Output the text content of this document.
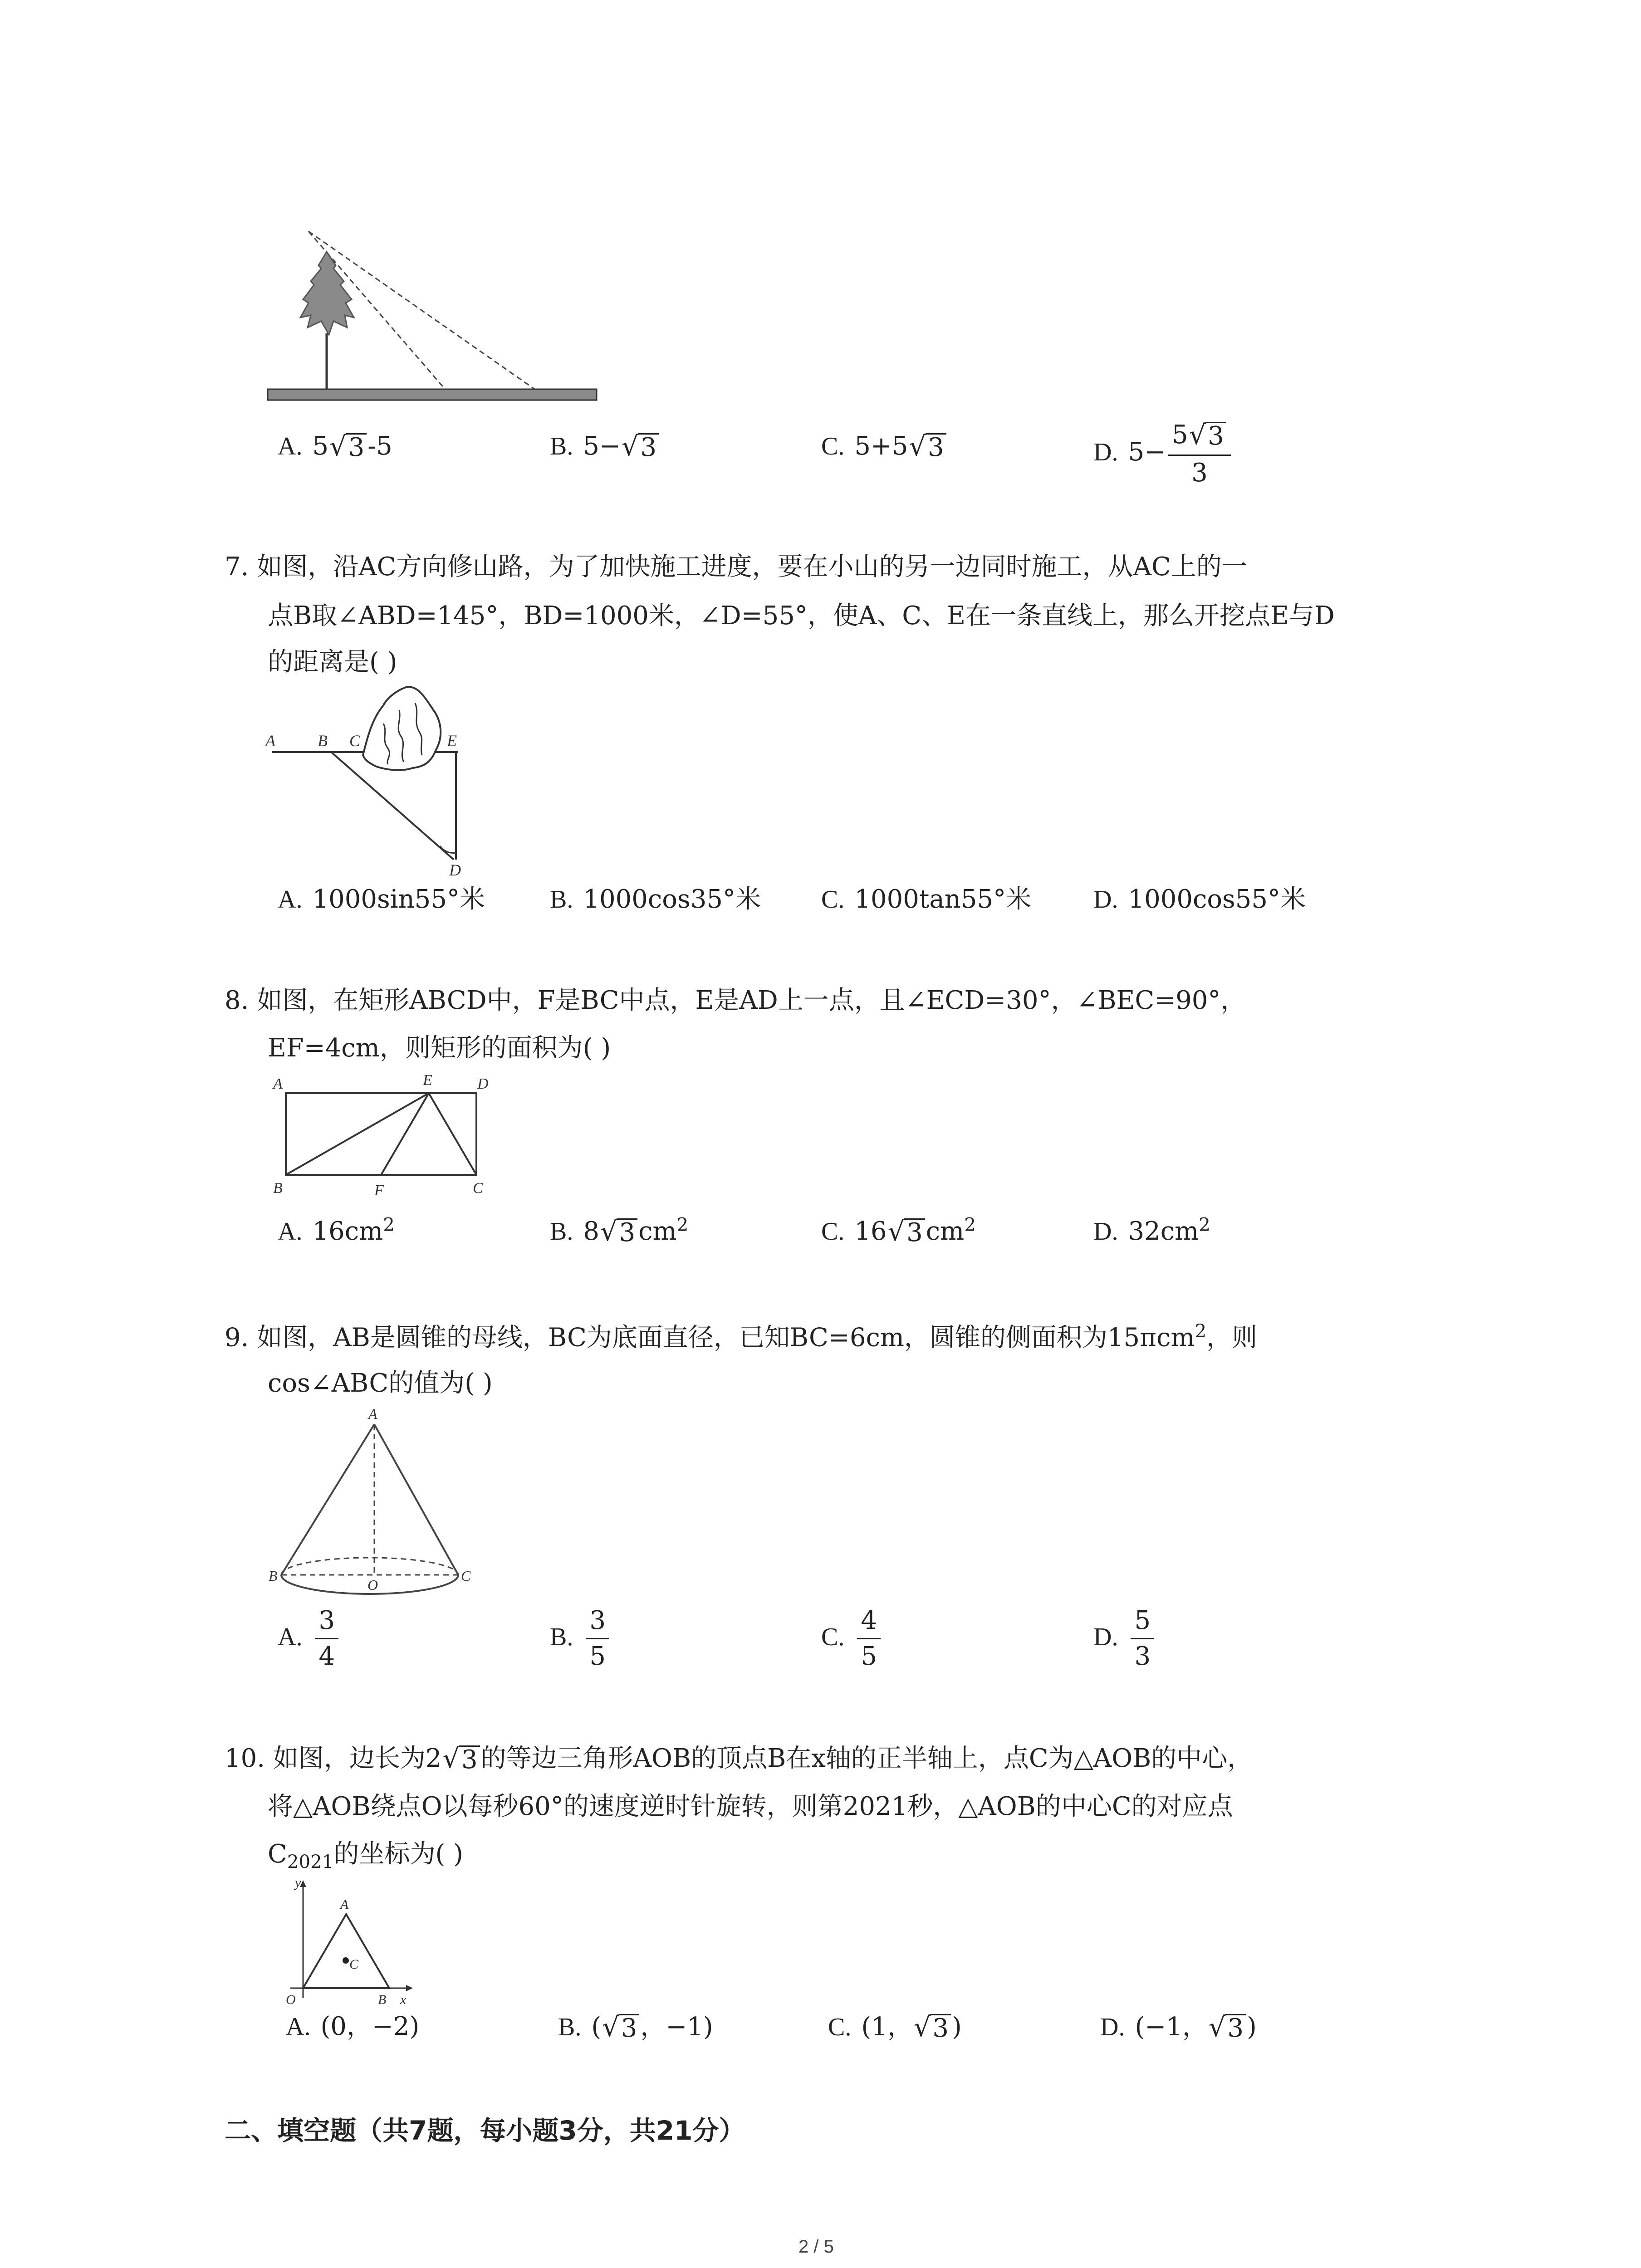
A. 5 √ 3 -5	B. 5− √ 3	C. 5+5 √ 3	D. $5- \frac{5 √ 3}{3}$
7. 如图，沿AC方向修山路，为了加快施工进度，要在小山的另一边同时施工，从AC上的一
点B取∠ABD=145°，BD=1000米，∠D=55°，使A、C、E在一条直线上，那么开挖点E与D
的距离是( )
A	B C	E
D
A. 1000sin55°米	B. 1000cos35°米 C. 1000tan55°米 D. 1000cos55°米
8. 如图，在矩形ABCD中，F是BC中点，E是AD上一点，且∠ECD=30°，∠BEC=90°，
EF=4cm，则矩形的面积为( )
A	E	D
B	F	C
A. $16cm^2$	B. 8 √ 3 $cm^2$	C. 16 √ 3 $cm^2$	D. $32cm^2$
9. 如图，AB是圆锥的母线，BC为底面直径，已知BC=6cm，圆锥的侧面积为15πcm$^2$，则
cos∠ABC的值为( )
A
B
O
C
A. $\frac{3}{4}$	B. $\frac{3}{5}$	C. $\frac{4}{5}$	D. $\frac{5}{3}$
10. 如图，边长为2 √ 3 的等边三角形AOB的顶点B在x轴的正半轴上，点C为△AOB的中心，
将△AOB绕点O以每秒60°的速度逆时针旋转，则第2021秒，△AOB的中心C的对应点
$C_{2021}$的坐标为( )
y
A
C
O	B x
A. (0，−2)	B. ( √ 3 ，−1)	C. (1， √ 3 )	D. (−1， √ 3 )
二、填空题（共7题，每小题3分，共21分）
2 / 5
